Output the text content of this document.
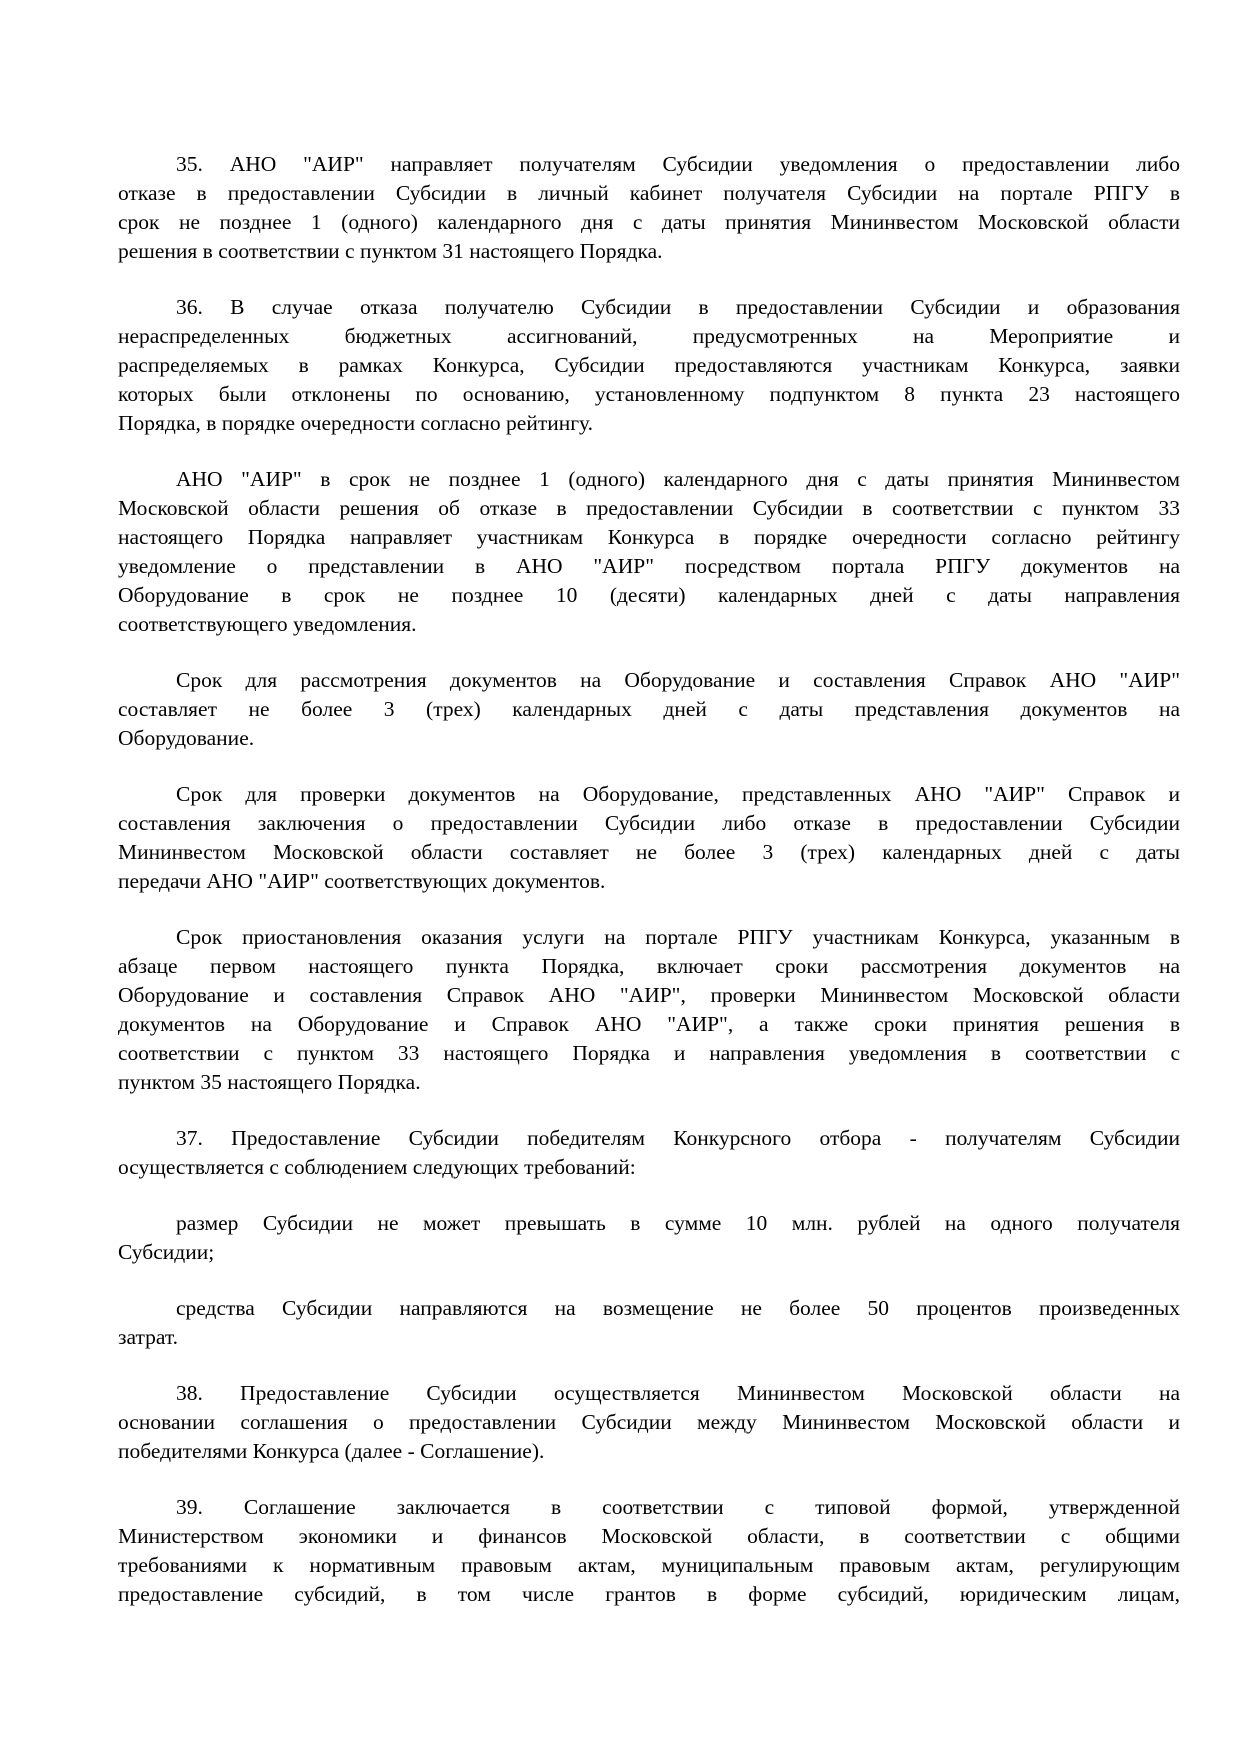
35. АНО "АИР" направляет получателям Субсидии уведомления о предоставлении либо
отказе в предоставлении Субсидии в личный кабинет получателя Субсидии на портале РПГУ в
срок не позднее 1 (одного) календарного дня с даты принятия Мининвестом Московской области
решения в соответствии с пунктом 31 настоящего Порядка.
36. В случае отказа получателю Субсидии в предоставлении Субсидии и образования
нераспределенных бюджетных ассигнований, предусмотренных на Мероприятие и
распределяемых в рамках Конкурса, Субсидии предоставляются участникам Конкурса, заявки
которых были отклонены по основанию, установленному подпунктом 8 пункта 23 настоящего
Порядка, в порядке очередности согласно рейтингу.
АНО "АИР" в срок не позднее 1 (одного) календарного дня с даты принятия Мининвестом
Московской области решения об отказе в предоставлении Субсидии в соответствии с пунктом 33
настоящего Порядка направляет участникам Конкурса в порядке очередности согласно рейтингу
уведомление о представлении в АНО "АИР" посредством портала РПГУ документов на
Оборудование в срок не позднее 10 (десяти) календарных дней с даты направления
соответствующего уведомления.
Срок для рассмотрения документов на Оборудование и составления Справок АНО "АИР"
составляет не более 3 (трех) календарных дней с даты представления документов на
Оборудование.
Срок для проверки документов на Оборудование, представленных АНО "АИР" Справок и
составления заключения о предоставлении Субсидии либо отказе в предоставлении Субсидии
Мининвестом Московской области составляет не более 3 (трех) календарных дней с даты
передачи АНО "АИР" соответствующих документов.
Срок приостановления оказания услуги на портале РПГУ участникам Конкурса, указанным в
абзаце первом настоящего пункта Порядка, включает сроки рассмотрения документов на
Оборудование и составления Справок АНО "АИР", проверки Мининвестом Московской области
документов на Оборудование и Справок АНО "АИР", а также сроки принятия решения в
соответствии с пунктом 33 настоящего Порядка и направления уведомления в соответствии с
пунктом 35 настоящего Порядка.
37. Предоставление Субсидии победителям Конкурсного отбора - получателям Субсидии
осуществляется с соблюдением следующих требований:
размер Субсидии не может превышать в сумме 10 млн. рублей на одного получателя
Субсидии;
средства Субсидии направляются на возмещение не более 50 процентов произведенных
затрат.
38. Предоставление Субсидии осуществляется Мининвестом Московской области на
основании соглашения о предоставлении Субсидии между Мининвестом Московской области и
победителями Конкурса (далее - Соглашение).
39. Соглашение заключается в соответствии с типовой формой, утвержденной
Министерством экономики и финансов Московской области, в соответствии с общими
требованиями к нормативным правовым актам, муниципальным правовым актам, регулирующим
предоставление субсидий, в том числе грантов в форме субсидий, юридическим лицам,
